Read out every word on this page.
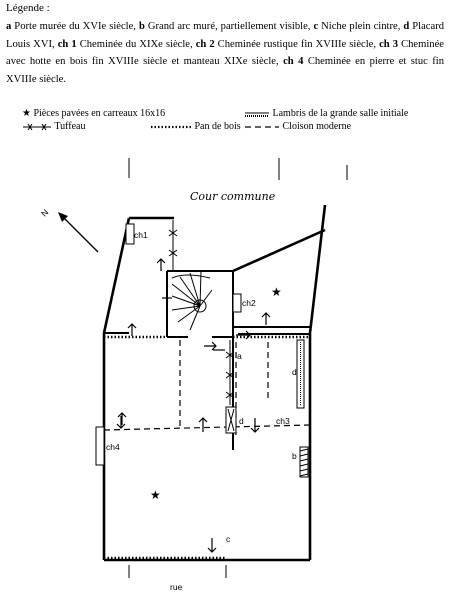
Légende :
a Porte murée du XVIe siècle, b Grand arc muré, partiellement visible, c Niche plein cintre, d Placard Louis XVI, ch 1 Cheminée du XIXe siècle, ch 2 Cheminée rustique fin XVIIIe siècle, ch 3 Cheminée avec hotte en bois fin XVIIIe siècle et manteau XIXe siècle, ch 4 Cheminée en pierre et stuc fin XVIIIe siècle.
★ Pièces pavées en carreaux 16x16	Lambris de la grande salle initiale
Tuffeau	Pan de bois	Cloison moderne
N
Cour commune
★
★
ch1
ch2
ch3
ch4
a
b
c
d
d
rue
